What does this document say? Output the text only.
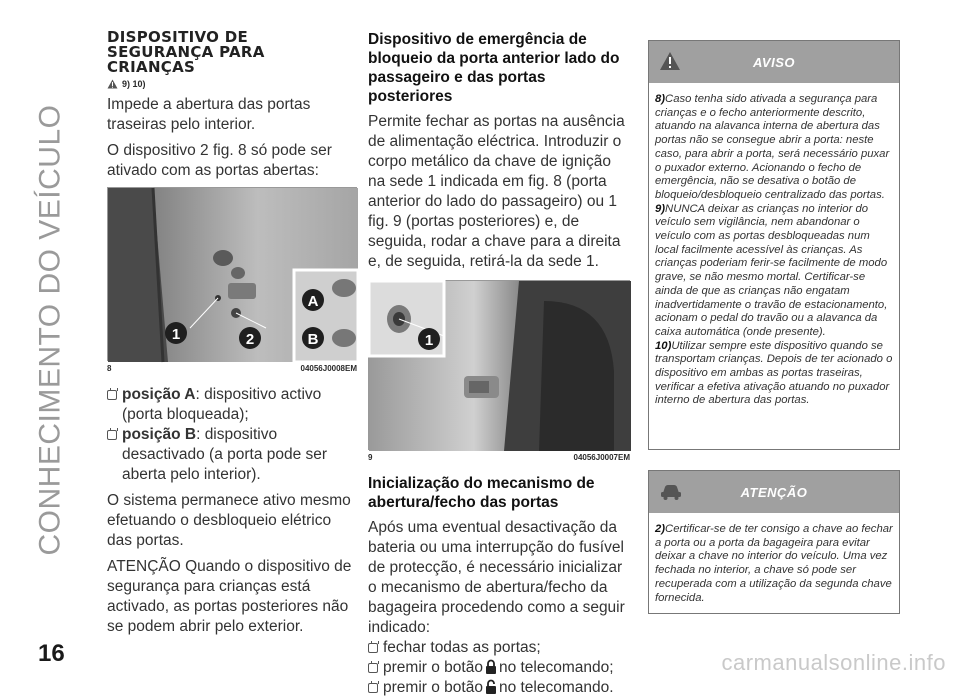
CONHECIMENTO DO VEÍCULO
DISPOSITIVO DE
SEGURANÇA PARA
CRIANÇAS
9) 10)

Impede a abertura das portas traseiras pelo interior.

O dispositivo 2 fig. 8 só pode ser ativado com as portas abertas:

1	2
A
B
8	04056J0008EM
posição A: dispositivo activo (porta bloqueada);
posição B: dispositivo desactivado (a porta pode ser aberta pelo interior).

O sistema permanece ativo mesmo efetuando o desbloqueio elétrico das portas.

ATENÇÃO Quando o dispositivo de segurança para crianças está activado, as portas posteriores não se podem abrir pelo exterior.

Dispositivo de emergência de bloqueio da porta anterior lado do passageiro e das portas posteriores

Permite fechar as portas na ausência de alimentação eléctrica. Introduzir o corpo metálico da chave de ignição na sede 1 indicada em fig. 8 (porta anterior do lado do passageiro) ou 1 fig. 9 (portas posteriores) e, de seguida, rodar a chave para a direita e, de seguida, retirá-la da sede 1.

1
9	04056J0007EM
Inicialização do mecanismo de abertura/fecho das portas

Após uma eventual desactivação da bateria ou uma interrupção do fusível de protecção, é necessário inicializar o mecanismo de abertura/fecho da bagageira procedendo como a seguir indicado:

fechar todas as portas;
premir o botão no telecomando;
premir o botão no telecomando.
AVISO
8)Caso tenha sido ativada a segurança para crianças e o fecho anteriormente descrito, atuando na alavanca interna de abertura das portas não se consegue abrir a porta: neste caso, para abrir a porta, será necessário puxar o puxador externo. Acionando o fecho de emergência, não se desativa o botão de bloqueio/desbloqueio centralizado das portas.
9)NUNCA deixar as crianças no interior do veículo sem vigilância, nem abandonar o veículo com as portas desbloqueadas num local facilmente acessível às crianças. As crianças poderiam ferir-se facilmente de modo grave, se não mesmo mortal. Certificar-se ainda de que as crianças não engatam inadvertidamente o travão de estacionamento, acionam o pedal do travão ou a alavanca da caixa automática (onde presente).
10)Utilizar sempre este dispositivo quando se transportam crianças. Depois de ter acionado o dispositivo em ambas as portas traseiras, verificar a efetiva ativação atuando no puxador interno de abertura das portas.
ATENÇÃO
2)Certificar-se de ter consigo a chave ao fechar a porta ou a porta da bagageira para evitar deixar a chave no interior do veículo. Uma vez fechada no interior, a chave só pode ser recuperada com a utilização da segunda chave fornecida.
16	carmanualsonline.info
